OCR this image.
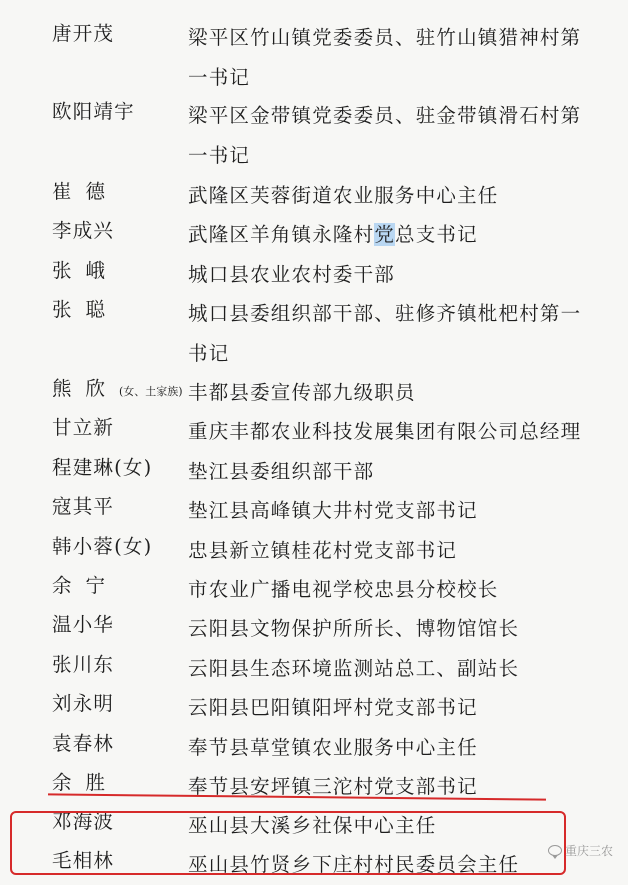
唐开茂	梁平区竹山镇党委委员、驻竹山镇猎神村第一书记
欧阳靖宇	梁平区金带镇党委委员、驻金带镇滑石村第一书记
崔德	武隆区芙蓉街道农业服务中心主任
李成兴	武隆区羊角镇永隆村党总支书记
张峨	城口县农业农村委干部
张聪	城口县委组织部干部、驻修齐镇枇杷村第一书记
熊欣(女、土家族) 丰都县委宣传部九级职员
甘立新	重庆丰都农业科技发展集团有限公司总经理
程建琳(女) 垫江县委组织部干部
寇其平	垫江县高峰镇大井村党支部书记
韩小蓉(女) 忠县新立镇桂花村党支部书记
余宁	市农业广播电视学校忠县分校校长
温小华	云阳县文物保护所所长、博物馆馆长
张川东	云阳县生态环境监测站总工、副站长
刘永明	云阳县巴阳镇阳坪村党支部书记
袁春林	奉节县草堂镇农业服务中心主任
余胜	奉节县安坪镇三沱村党支部书记
邓海波	巫山县大溪乡社保中心主任
毛相林	巫山县竹贤乡下庄村村民委员会主任
重庆三农
